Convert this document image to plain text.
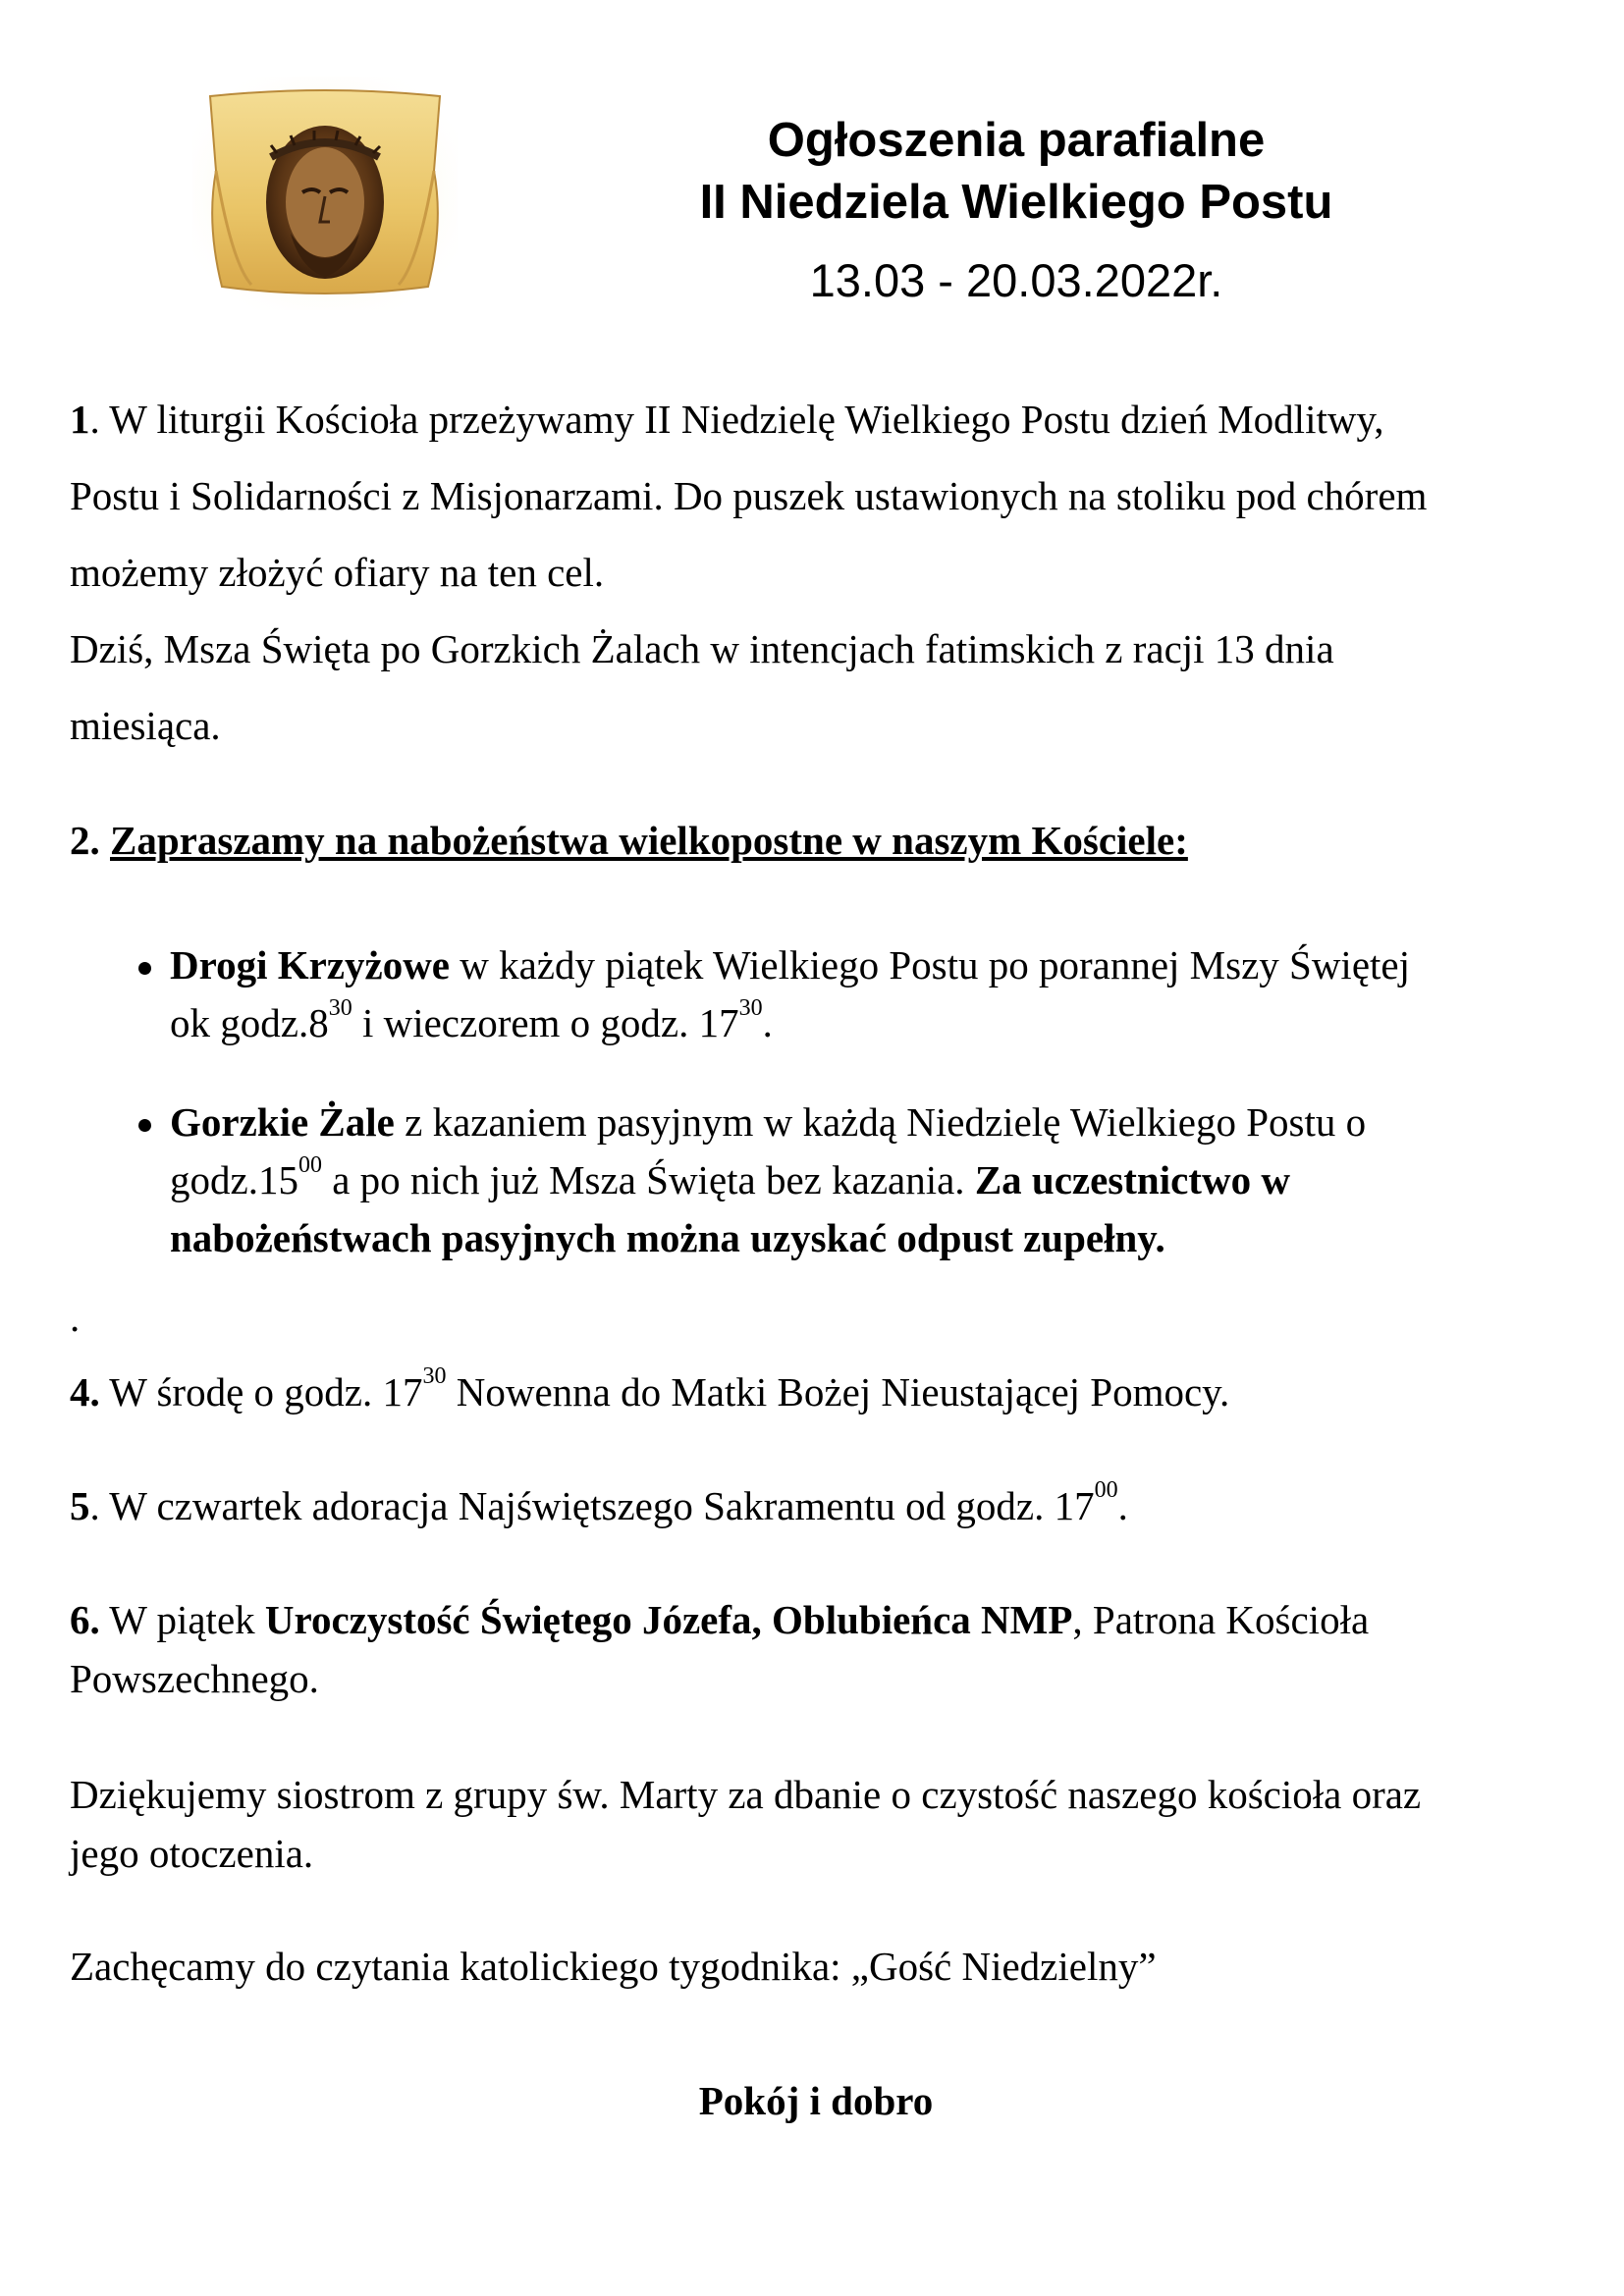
Ogłoszenia parafialne
II Niedziela Wielkiego Postu
13.03 - 20.03.2022r.
1. W liturgii Kościoła przeżywamy II Niedzielę Wielkiego Postu dzień Modlitwy,
Postu i Solidarności z Misjonarzami. Do puszek ustawionych na stoliku pod chórem
możemy złożyć ofiary na ten cel.
Dziś, Msza Święta po Gorzkich Żalach w intencjach fatimskich z racji 13 dnia
miesiąca.
2. Zapraszamy na nabożeństwa wielkopostne w naszym Kościele:
Drogi Krzyżowe w każdy piątek Wielkiego Postu po porannej Mszy Świętej
ok $godz.8^{30}$ i wieczorem o godz. $17^{30}$.
Gorzkie Żale z kazaniem pasyjnym w każdą Niedzielę Wielkiego Postu o
$godz.15^{00}$ a po nich już Msza Święta bez kazania. Za uczestnictwo w
nabożeństwach pasyjnych można uzyskać odpust zupełny.
.
4. W środę o godz. $17^{30}$ Nowenna do Matki Bożej Nieustającej Pomocy.
5. W czwartek adoracja Najświętszego Sakramentu od godz. $17^{00}$.
6. W piątek Uroczystość Świętego Józefa, Oblubieńca NMP, Patrona Kościoła
Powszechnego.
Dziękujemy siostrom z grupy św. Marty za dbanie o czystość naszego kościoła oraz
jego otoczenia.
Zachęcamy do czytania katolickiego tygodnika: „Gość Niedzielny”
Pokój i dobro
